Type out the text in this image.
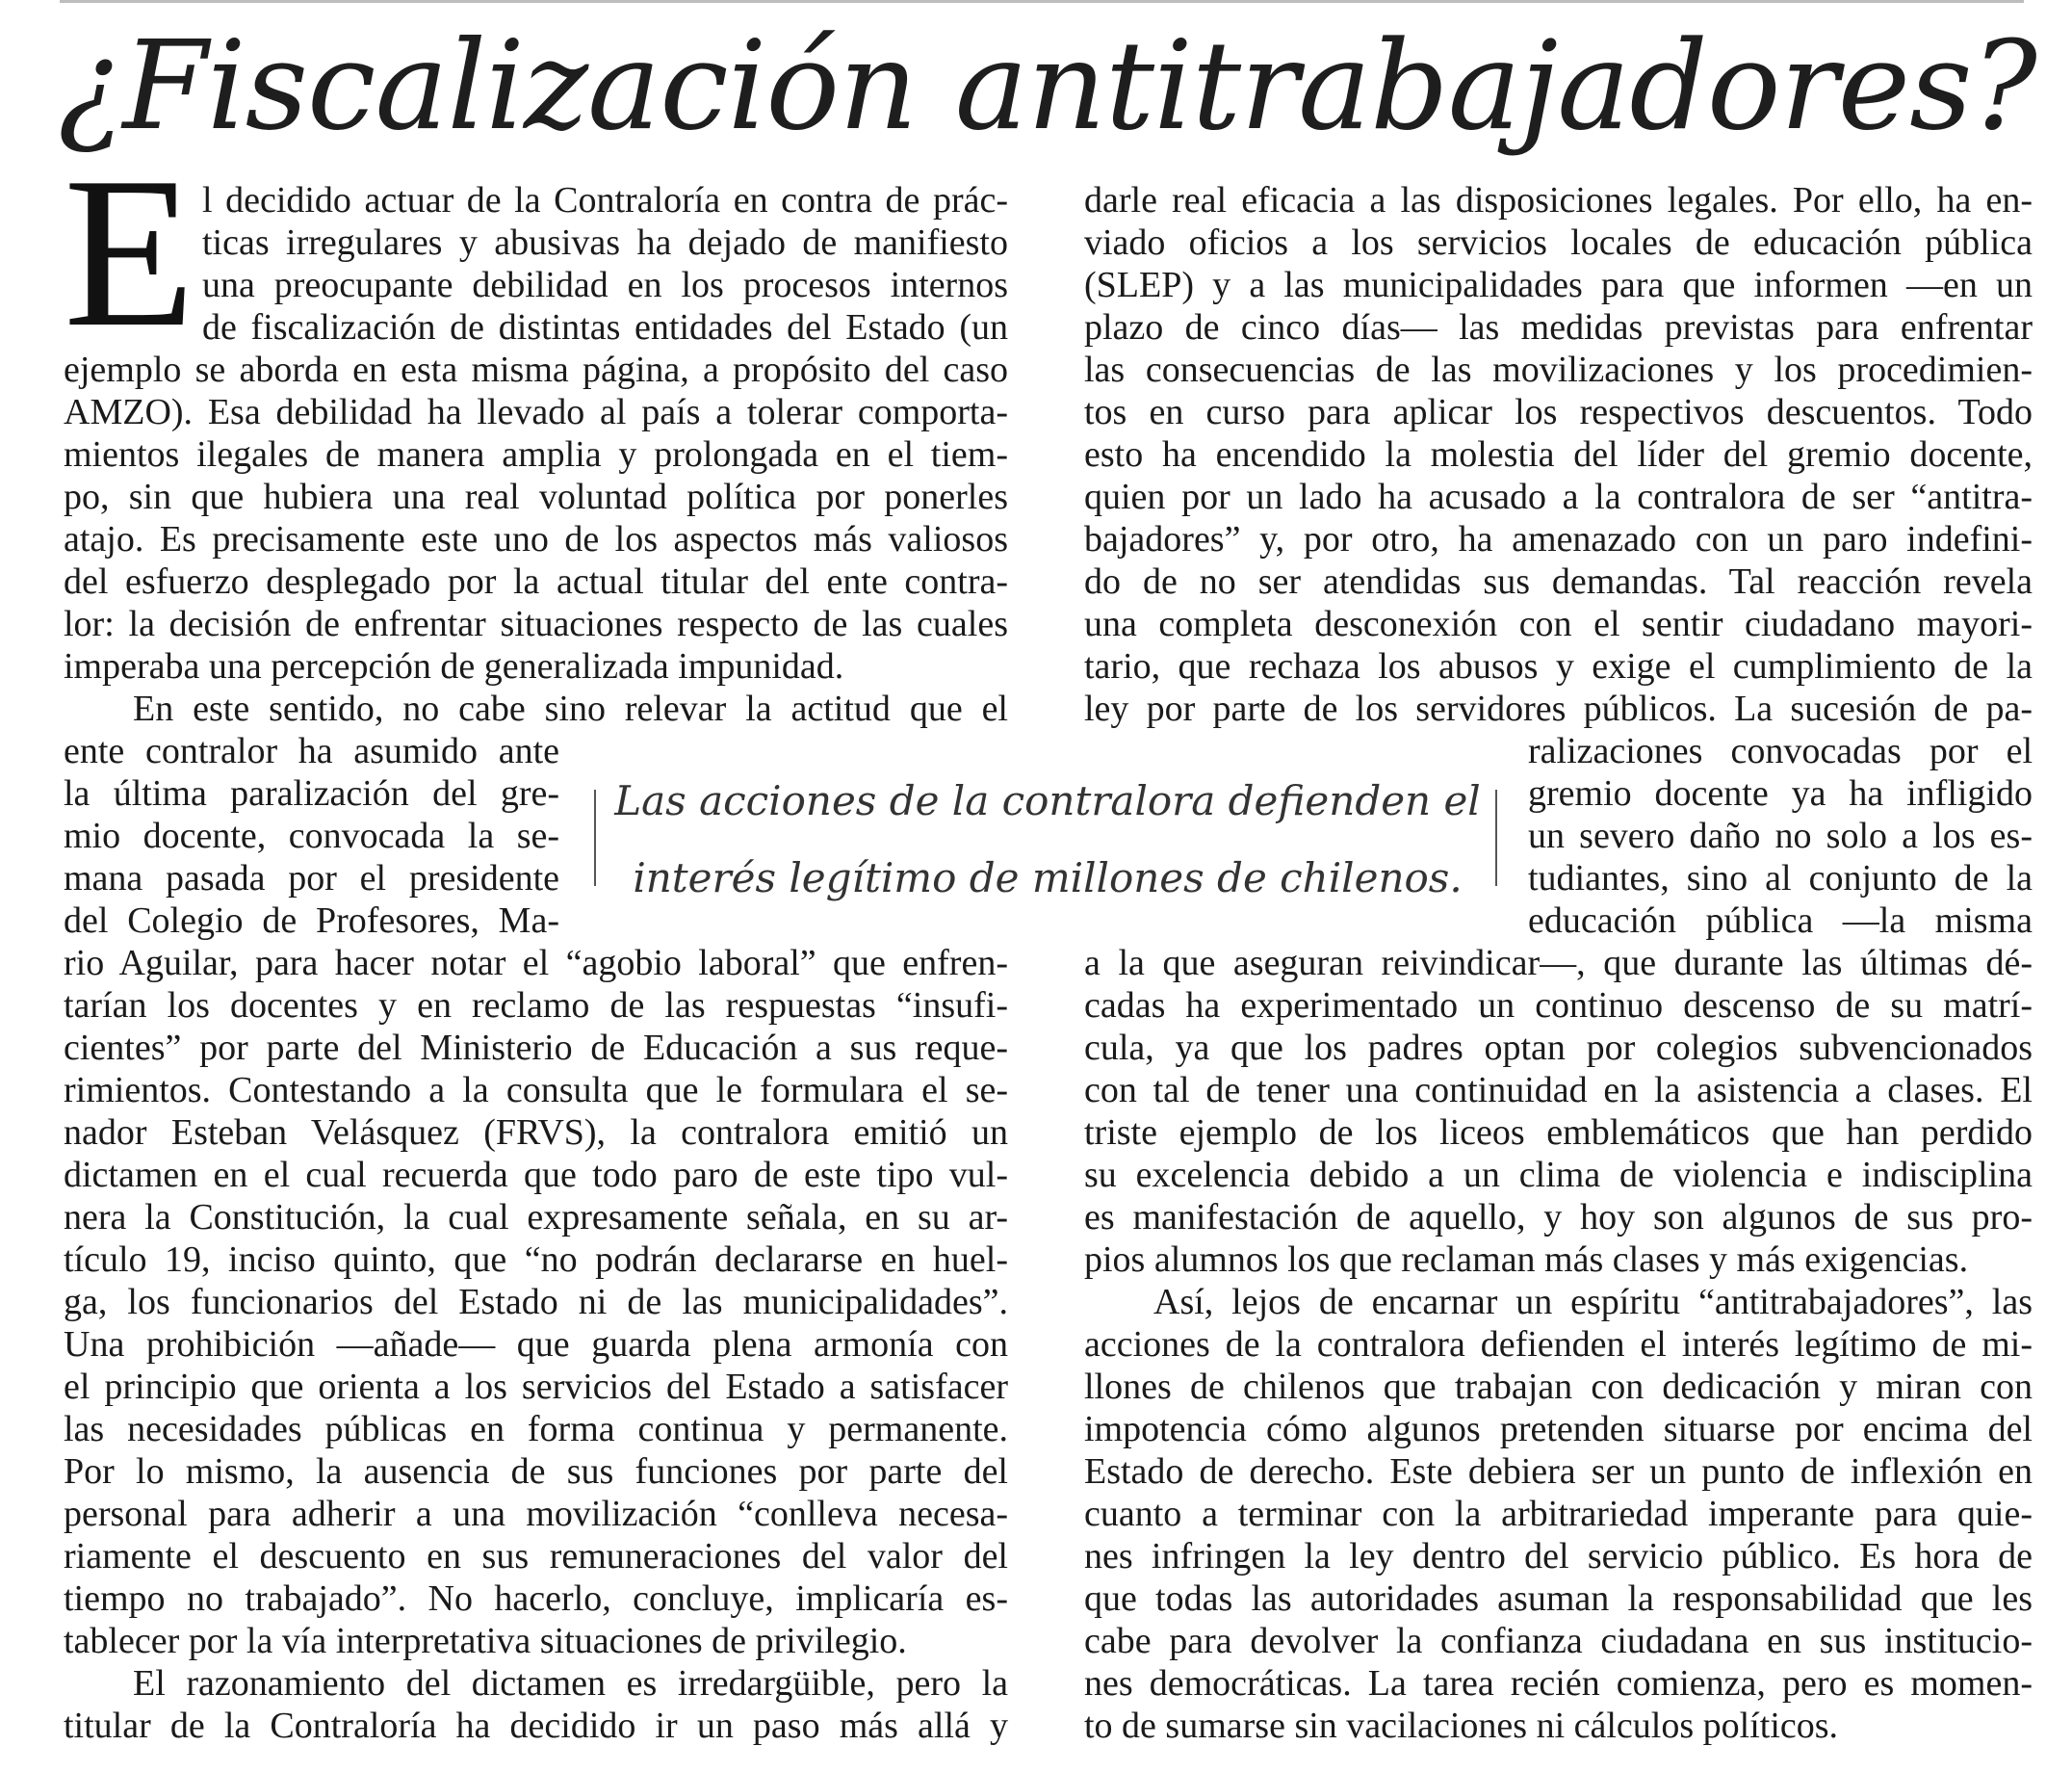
¿Fiscalización antitrabajadores?
E l decidido actuar de la Contraloría en contra de prác-

ticas irregulares y abusivas ha dejado de manifiesto

una preocupante debilidad en los procesos internos

de fiscalización de distintas entidades del Estado (un

ejemplo se aborda en esta misma página, a propósito del caso

AMZO). Esa debilidad ha llevado al país a tolerar comporta-

mientos ilegales de manera amplia y prolongada en el tiem-

po, sin que hubiera una real voluntad política por ponerles

atajo. Es precisamente este uno de los aspectos más valiosos

del esfuerzo desplegado por la actual titular del ente contra-

lor: la decisión de enfrentar situaciones respecto de las cuales

imperaba una percepción de generalizada impunidad.

En este sentido, no cabe sino relevar la actitud que el

ente contralor ha asumido ante

la última paralización del gre-

mio docente, convocada la se-

mana pasada por el presidente

del Colegio de Profesores, Ma-

rio Aguilar, para hacer notar el “agobio laboral” que enfren-

tarían los docentes y en reclamo de las respuestas “insufi-

cientes” por parte del Ministerio de Educación a sus reque-

rimientos. Contestando a la consulta que le formulara el se-

nador Esteban Velásquez (FRVS), la contralora emitió un

dictamen en el cual recuerda que todo paro de este tipo vul-

nera la Constitución, la cual expresamente señala, en su ar-

tículo 19, inciso quinto, que “no podrán declararse en huel-

ga, los funcionarios del Estado ni de las municipalidades”.

Una prohibición —añade— que guarda plena armonía con

el principio que orienta a los servicios del Estado a satisfacer

las necesidades públicas en forma continua y permanente.

Por lo mismo, la ausencia de sus funciones por parte del

personal para adherir a una movilización “conlleva necesa-

riamente el descuento en sus remuneraciones del valor del

tiempo no trabajado”. No hacerlo, concluye, implicaría es-

tablecer por la vía interpretativa situaciones de privilegio.

El razonamiento del dictamen es irredargüible, pero la

titular de la Contraloría ha decidido ir un paso más allá y

Las acciones de la contralora defienden el
interés legítimo de millones de chilenos.

darle real eficacia a las disposiciones legales. Por ello, ha en-

viado oficios a los servicios locales de educación pública

(SLEP) y a las municipalidades para que informen —en un

plazo de cinco días— las medidas previstas para enfrentar

las consecuencias de las movilizaciones y los procedimien-

tos en curso para aplicar los respectivos descuentos. Todo

esto ha encendido la molestia del líder del gremio docente,

quien por un lado ha acusado a la contralora de ser “antitra-

bajadores” y, por otro, ha amenazado con un paro indefini-

do de no ser atendidas sus demandas. Tal reacción revela

una completa desconexión con el sentir ciudadano mayori-

tario, que rechaza los abusos y exige el cumplimiento de la

ley por parte de los servidores públicos. La sucesión de pa-

ralizaciones convocadas por el

gremio docente ya ha infligido

un severo daño no solo a los es-

tudiantes, sino al conjunto de la

educación pública —la misma

a la que aseguran reivindicar—, que durante las últimas dé-

cadas ha experimentado un continuo descenso de su matrí-

cula, ya que los padres optan por colegios subvencionados

con tal de tener una continuidad en la asistencia a clases. El

triste ejemplo de los liceos emblemáticos que han perdido

su excelencia debido a un clima de violencia e indisciplina

es manifestación de aquello, y hoy son algunos de sus pro-

pios alumnos los que reclaman más clases y más exigencias.

Así, lejos de encarnar un espíritu “antitrabajadores”, las

acciones de la contralora defienden el interés legítimo de mi-

llones de chilenos que trabajan con dedicación y miran con

impotencia cómo algunos pretenden situarse por encima del

Estado de derecho. Este debiera ser un punto de inflexión en

cuanto a terminar con la arbitrariedad imperante para quie-

nes infringen la ley dentro del servicio público. Es hora de

que todas las autoridades asuman la responsabilidad que les

cabe para devolver la confianza ciudadana en sus institucio-

nes democráticas. La tarea recién comienza, pero es momen-

to de sumarse sin vacilaciones ni cálculos políticos.
